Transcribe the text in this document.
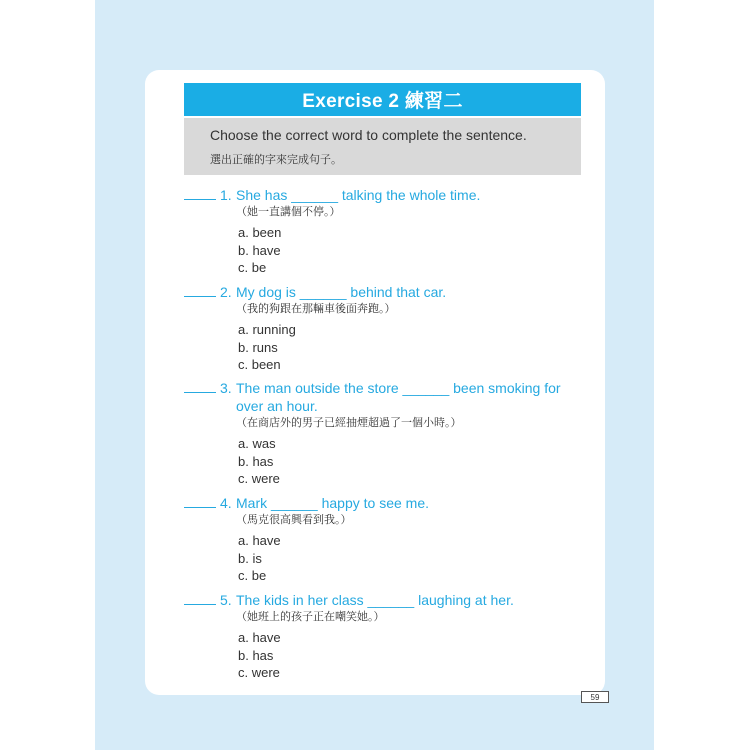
Exercise 2 練習二
Choose the correct word to complete the sentence.
選出正確的字來完成句子。
1. She has ______ talking the whole time.
（她一直講個不停。）
a. been
b. have
c. be
2. My dog is ______ behind that car.
（我的狗跟在那輛車後面奔跑。）
a. running
b. runs
c. been
3. The man outside the store ______ been smoking for over an hour.
（在商店外的男子已經抽煙超過了一個小時。）
a. was
b. has
c. were
4. Mark ______ happy to see me.
（馬克很高興看到我。）
a. have
b. is
c. be
5. The kids in her class ______ laughing at her.
（她班上的孩子正在嘲笑她。）
a. have
b. has
c. were
59
